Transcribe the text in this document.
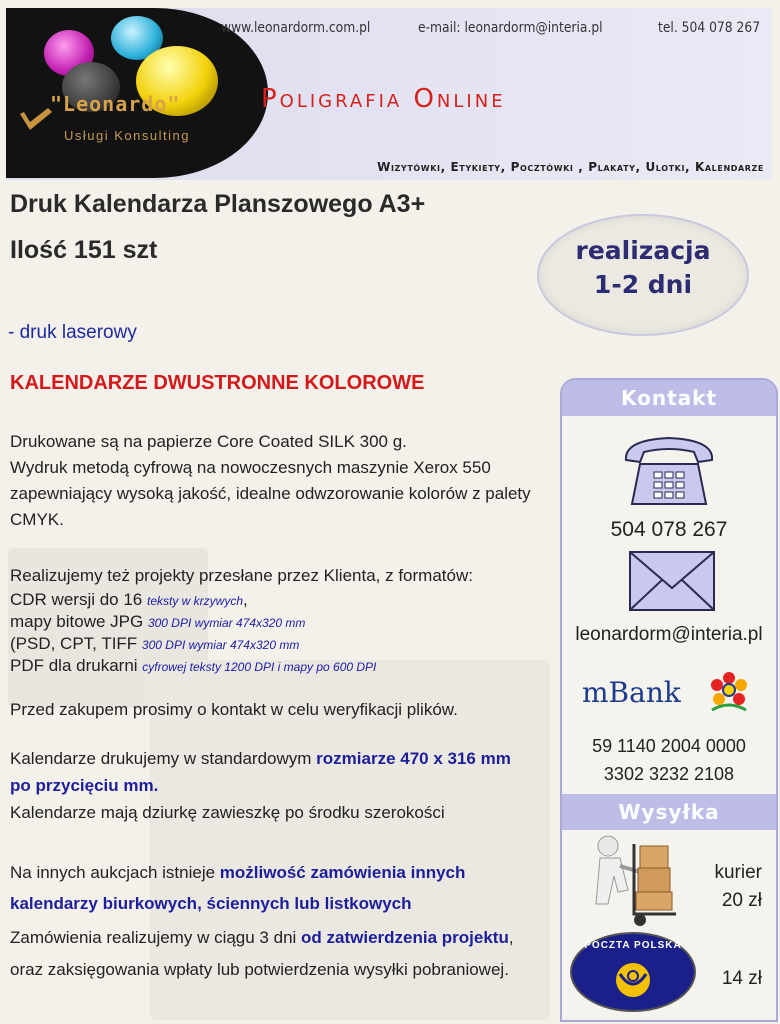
"Leonardo"
Usługi Konsulting
www.leonardorm.com.pl	e-mail: leonardorm@interia.pl	tel. 504 078 267
Poligrafia Online
Wizytówki, Etykiety, Pocztówki , Plakaty, Ulotki, Kalendarze
Druk Kalendarza Planszowego A3+
Ilość 151 szt	realizacja
1-2 dni
- druk laserowy
KALENDARZE DWUSTRONNE KOLOROWE
Drukowane są na papierze Core Coated SILK 300 g.
Wydruk metodą cyfrową na nowoczesnych maszynie Xerox 550
zapewniający wysoką jakość, idealne odwzorowanie kolorów z palety
CMYK.
Realizujemy też projekty przesłane przez Klienta, z formatów:
CDR wersji do 16 teksty w krzywych,
mapy bitowe JPG 300 DPI wymiar 474x320 mm
(PSD, CPT, TIFF 300 DPI wymiar 474x320 mm
PDF dla drukarni cyfrowej teksty 1200 DPI i mapy po 600 DPI
Przed zakupem prosimy o kontakt w celu weryfikacji plików.
Kalendarze drukujemy w standardowym rozmiarze 470 x 316 mm
po przycięciu mm.
Kalendarze mają dziurkę zawieszkę po środku szerokości
Na innych aukcjach istnieje możliwość zamówienia innych
kalendarzy biurkowych, ściennych lub listkowych
Zamówienia realizujemy w ciągu 3 dni od zatwierdzenia projektu,
oraz zaksięgowania wpłaty lub potwierdzenia wysyłki pobraniowej.
Kontakt
504 078 267
leonardorm@interia.pl
mBank
59 1140 2004 0000
3302 3232 2108
Wysyłka
kurier
20 zł
POCZTA POLSKA
14 zł
